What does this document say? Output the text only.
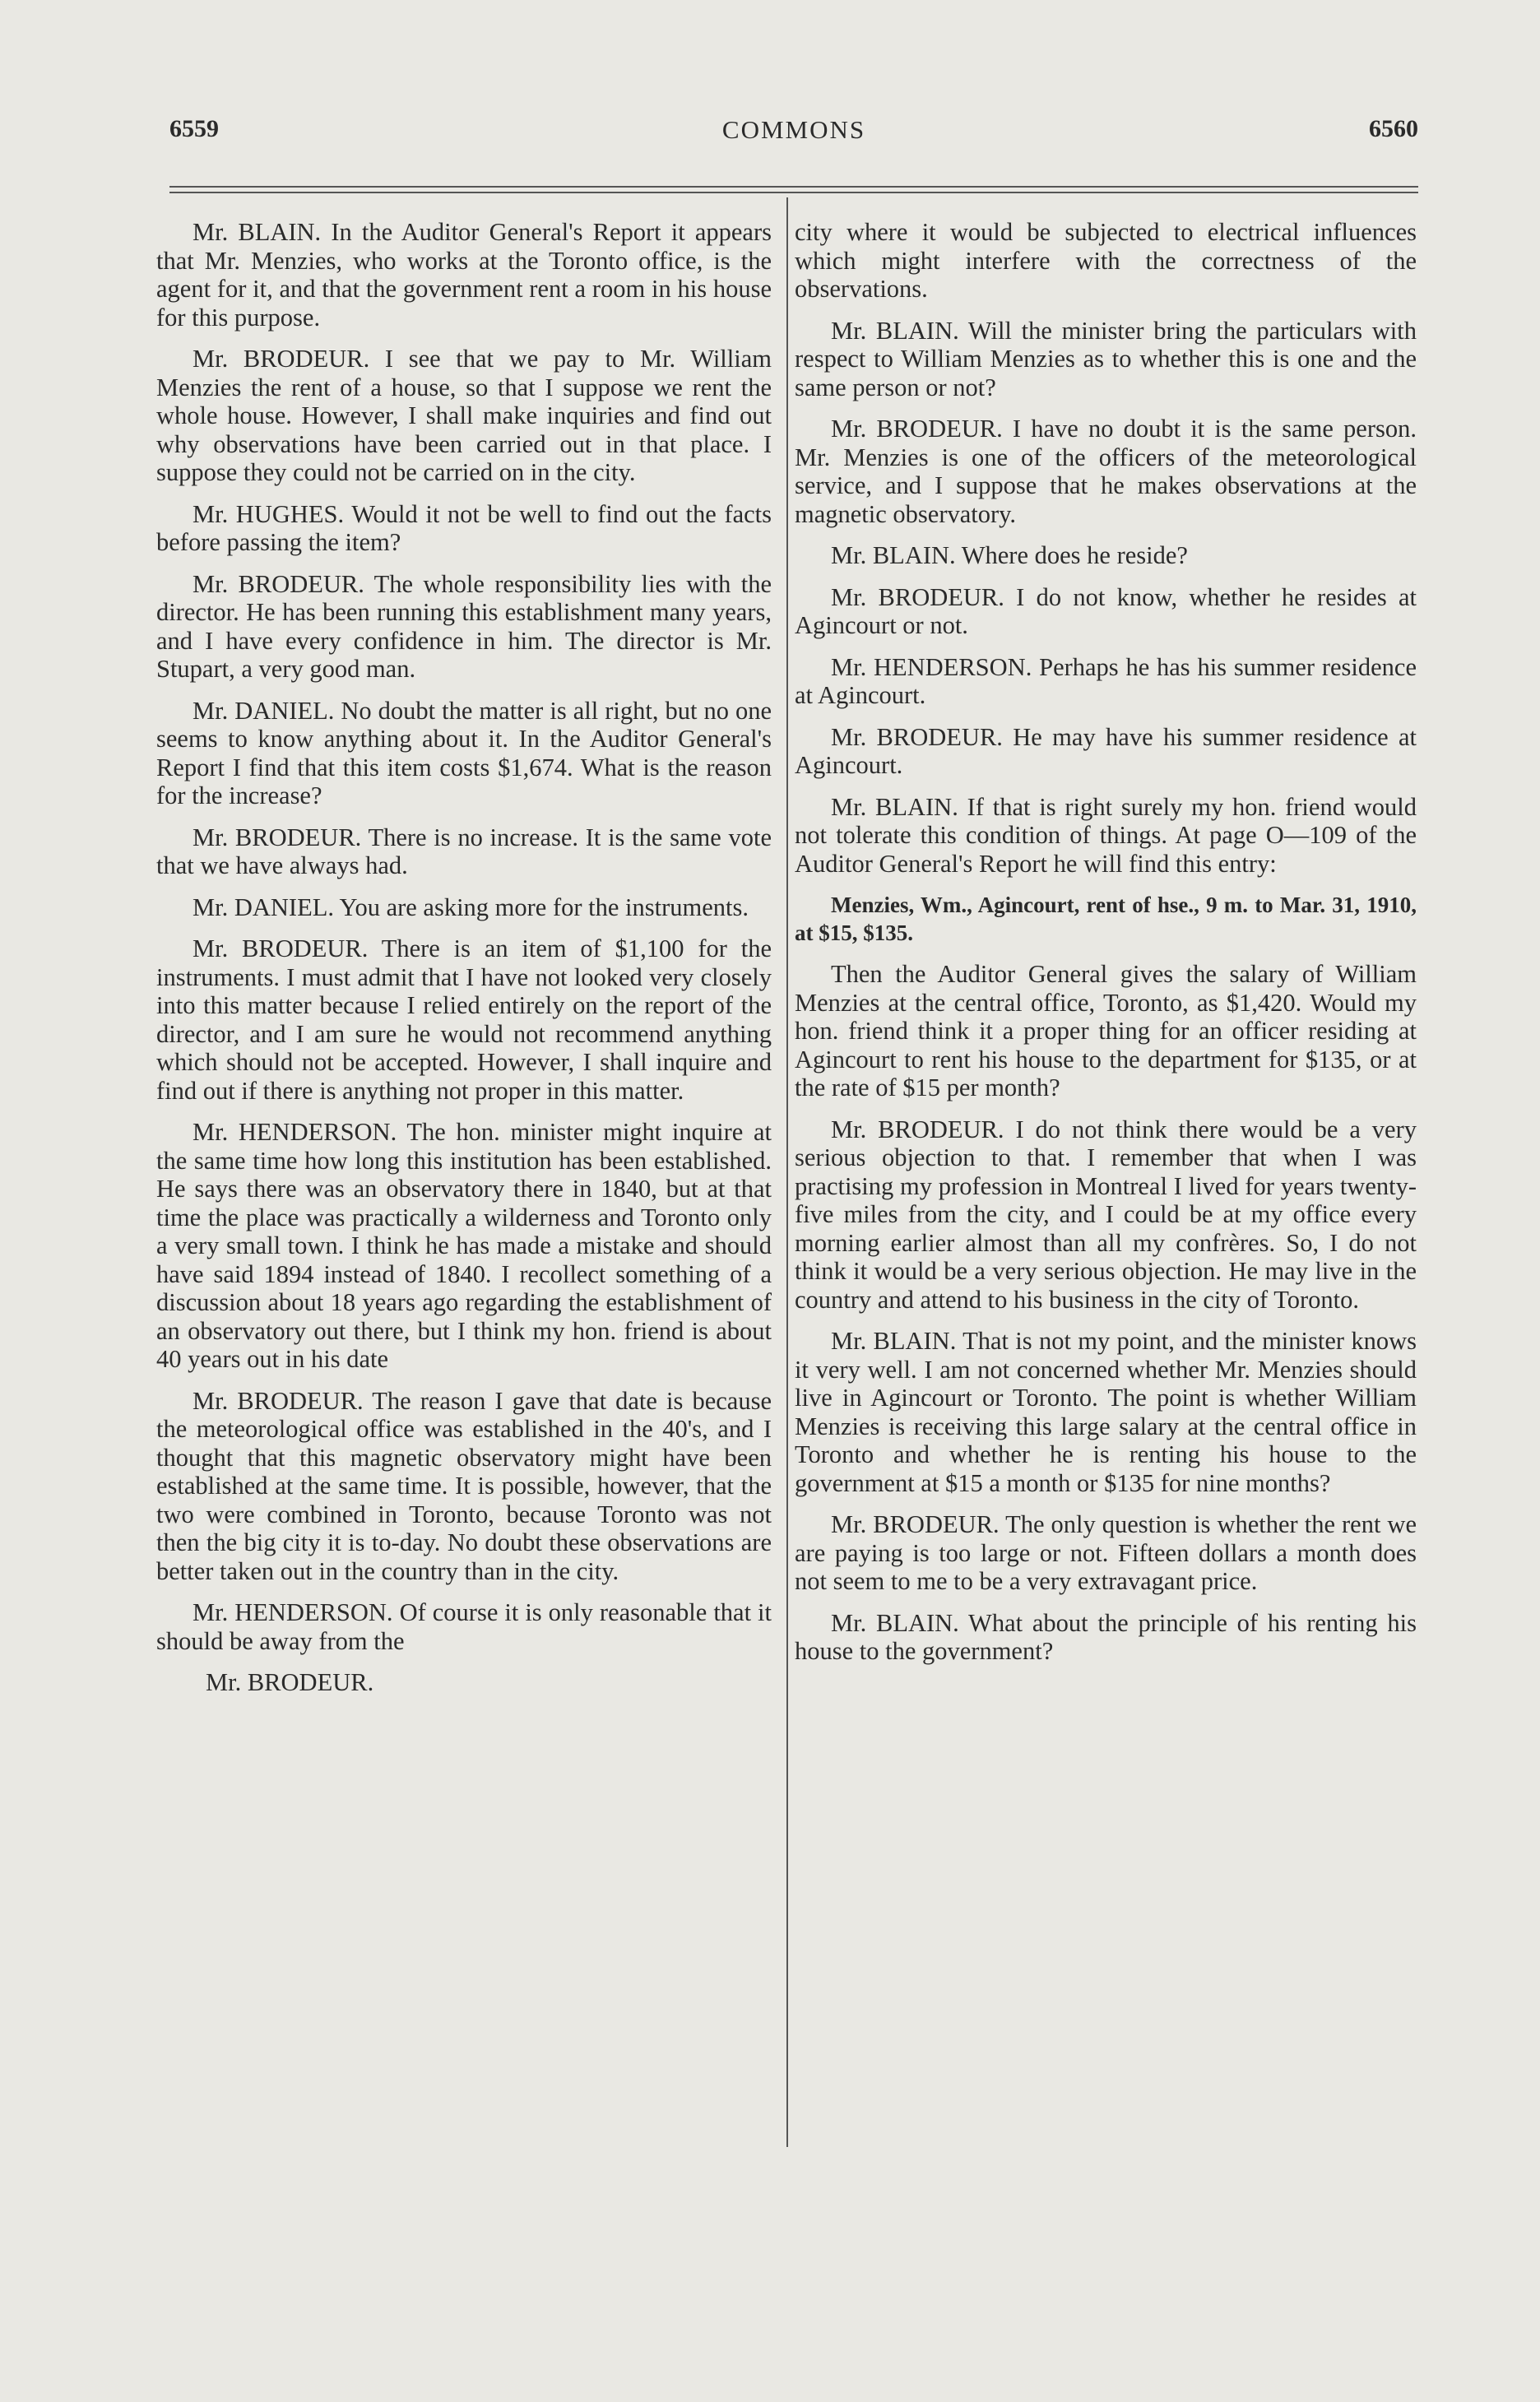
6559	COMMONS	6560

Mr. BLAIN. In the Auditor General's Report it appears that Mr. Menzies, who works at the Toronto office, is the agent for it, and that the government rent a room in his house for this purpose.

Mr. BRODEUR. I see that we pay to Mr. William Menzies the rent of a house, so that I suppose we rent the whole house. However, I shall make inquiries and find out why observations have been carried out in that place. I suppose they could not be carried on in the city.

Mr. HUGHES. Would it not be well to find out the facts before passing the item?

Mr. BRODEUR. The whole responsibility lies with the director. He has been running this establishment many years, and I have every confidence in him. The director is Mr. Stupart, a very good man.

Mr. DANIEL. No doubt the matter is all right, but no one seems to know anything about it. In the Auditor General's Report I find that this item costs $1,674. What is the reason for the increase?

Mr. BRODEUR. There is no increase. It is the same vote that we have always had.

Mr. DANIEL. You are asking more for the instruments.

Mr. BRODEUR. There is an item of $1,100 for the instruments. I must admit that I have not looked very closely into this matter because I relied entirely on the report of the director, and I am sure he would not recommend anything which should not be accepted. However, I shall inquire and find out if there is anything not proper in this matter.

Mr. HENDERSON. The hon. minister might inquire at the same time how long this institution has been established. He says there was an observatory there in 1840, but at that time the place was practically a wilderness and Toronto only a very small town. I think he has made a mistake and should have said 1894 instead of 1840. I recollect something of a discussion about 18 years ago regarding the establishment of an observatory out there, but I think my hon. friend is about 40 years out in his date

Mr. BRODEUR. The reason I gave that date is because the meteorological office was established in the 40's, and I thought that this magnetic observatory might have been established at the same time. It is possible, however, that the two were combined in Toronto, because Toronto was not then the big city it is to-day. No doubt these observations are better taken out in the country than in the city.

Mr. HENDERSON. Of course it is only reasonable that it should be away from the

Mr. BRODEUR.

city where it would be subjected to electrical influences which might interfere with the correctness of the observations.

Mr. BLAIN. Will the minister bring the particulars with respect to William Menzies as to whether this is one and the same person or not?

Mr. BRODEUR. I have no doubt it is the same person. Mr. Menzies is one of the officers of the meteorological service, and I suppose that he makes observations at the magnetic observatory.

Mr. BLAIN. Where does he reside?

Mr. BRODEUR. I do not know, whether he resides at Agincourt or not.

Mr. HENDERSON. Perhaps he has his summer residence at Agincourt.

Mr. BRODEUR. He may have his summer residence at Agincourt.

Mr. BLAIN. If that is right surely my hon. friend would not tolerate this condition of things. At page O—109 of the Auditor General's Report he will find this entry:

Menzies, Wm., Agincourt, rent of hse., 9 m. to Mar. 31, 1910, at $15, $135.

Then the Auditor General gives the salary of William Menzies at the central office, Toronto, as $1,420. Would my hon. friend think it a proper thing for an officer residing at Agincourt to rent his house to the department for $135, or at the rate of $15 per month?

Mr. BRODEUR. I do not think there would be a very serious objection to that. I remember that when I was practising my profession in Montreal I lived for years twenty-five miles from the city, and I could be at my office every morning earlier almost than all my confrères. So, I do not think it would be a very serious objection. He may live in the country and attend to his business in the city of Toronto.

Mr. BLAIN. That is not my point, and the minister knows it very well. I am not concerned whether Mr. Menzies should live in Agincourt or Toronto. The point is whether William Menzies is receiving this large salary at the central office in Toronto and whether he is renting his house to the government at $15 a month or $135 for nine months?

Mr. BRODEUR. The only question is whether the rent we are paying is too large or not. Fifteen dollars a month does not seem to me to be a very extravagant price.

Mr. BLAIN. What about the principle of his renting his house to the government?
